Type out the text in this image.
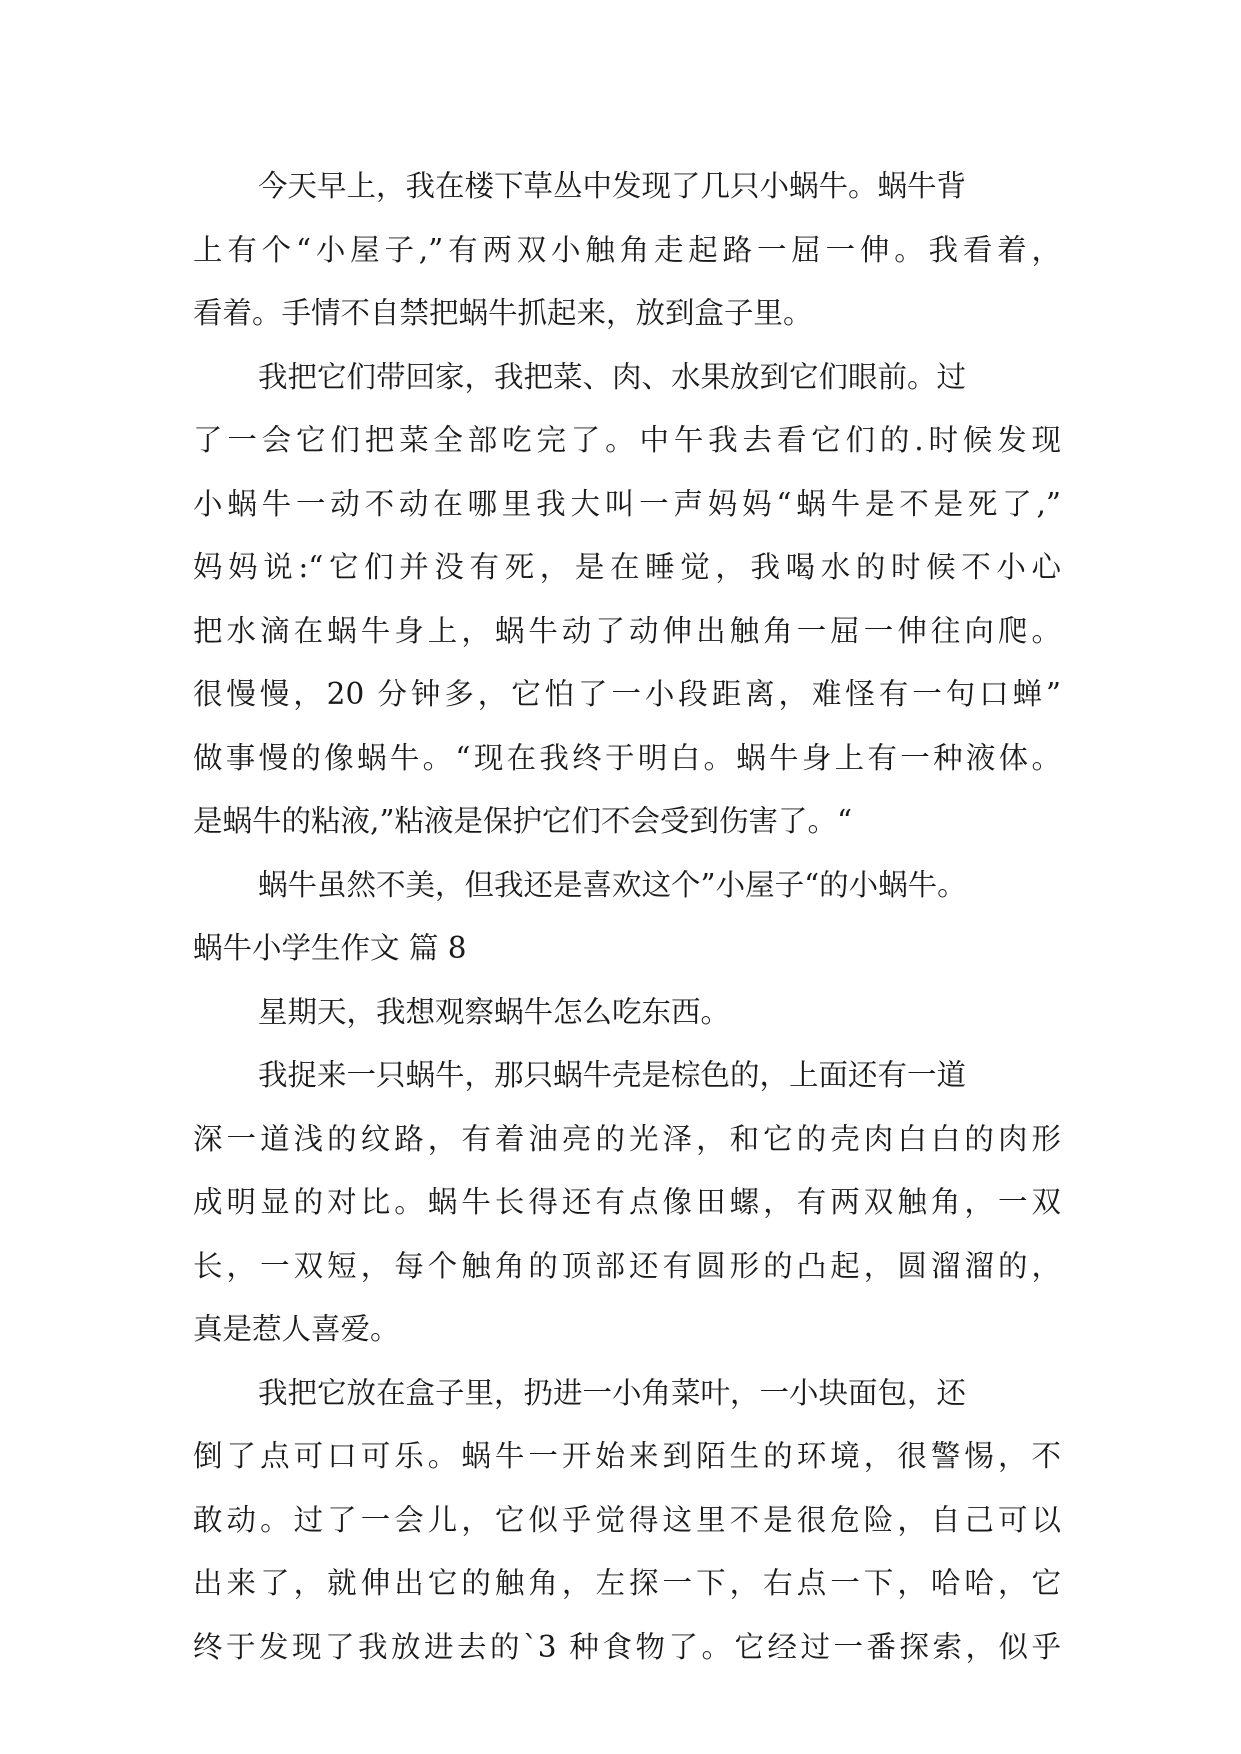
今天早上，我在楼下草丛中发现了几只小蜗牛。蜗牛背
上有个“小屋子,”有两双小触角走起路一屈一伸。我看着，
看着。手情不自禁把蜗牛抓起来，放到盒子里。
我把它们带回家，我把菜、肉、水果放到它们眼前。过
了一会它们把菜全部吃完了。中午我去看它们的.时候发现
小蜗牛一动不动在哪里我大叫一声妈妈“蜗牛是不是死了,”
妈妈说:“它们并没有死，是在睡觉，我喝水的时候不小心
把水滴在蜗牛身上，蜗牛动了动伸出触角一屈一伸往向爬。
很慢慢，20 分钟多，它怕了一小段距离，难怪有一句口蝉”
做事慢的像蜗牛。“现在我终于明白。蜗牛身上有一种液体。
是蜗牛的粘液,”粘液是保护它们不会受到伤害了。“
蜗牛虽然不美，但我还是喜欢这个”小屋子“的小蜗牛。
蜗牛小学生作文 篇 8
星期天，我想观察蜗牛怎么吃东西。
我捉来一只蜗牛，那只蜗牛壳是棕色的，上面还有一道
深一道浅的纹路，有着油亮的光泽，和它的壳肉白白的肉形
成明显的对比。蜗牛长得还有点像田螺，有两双触角，一双
长，一双短，每个触角的顶部还有圆形的凸起，圆溜溜的，
真是惹人喜爱。
我把它放在盒子里，扔进一小角菜叶，一小块面包，还
倒了点可口可乐。蜗牛一开始来到陌生的环境，很警惕，不
敢动。过了一会儿，它似乎觉得这里不是很危险，自己可以
出来了，就伸出它的触角，左探一下，右点一下，哈哈，它
终于发现了我放进去的`3 种食物了。它经过一番探索，似乎
